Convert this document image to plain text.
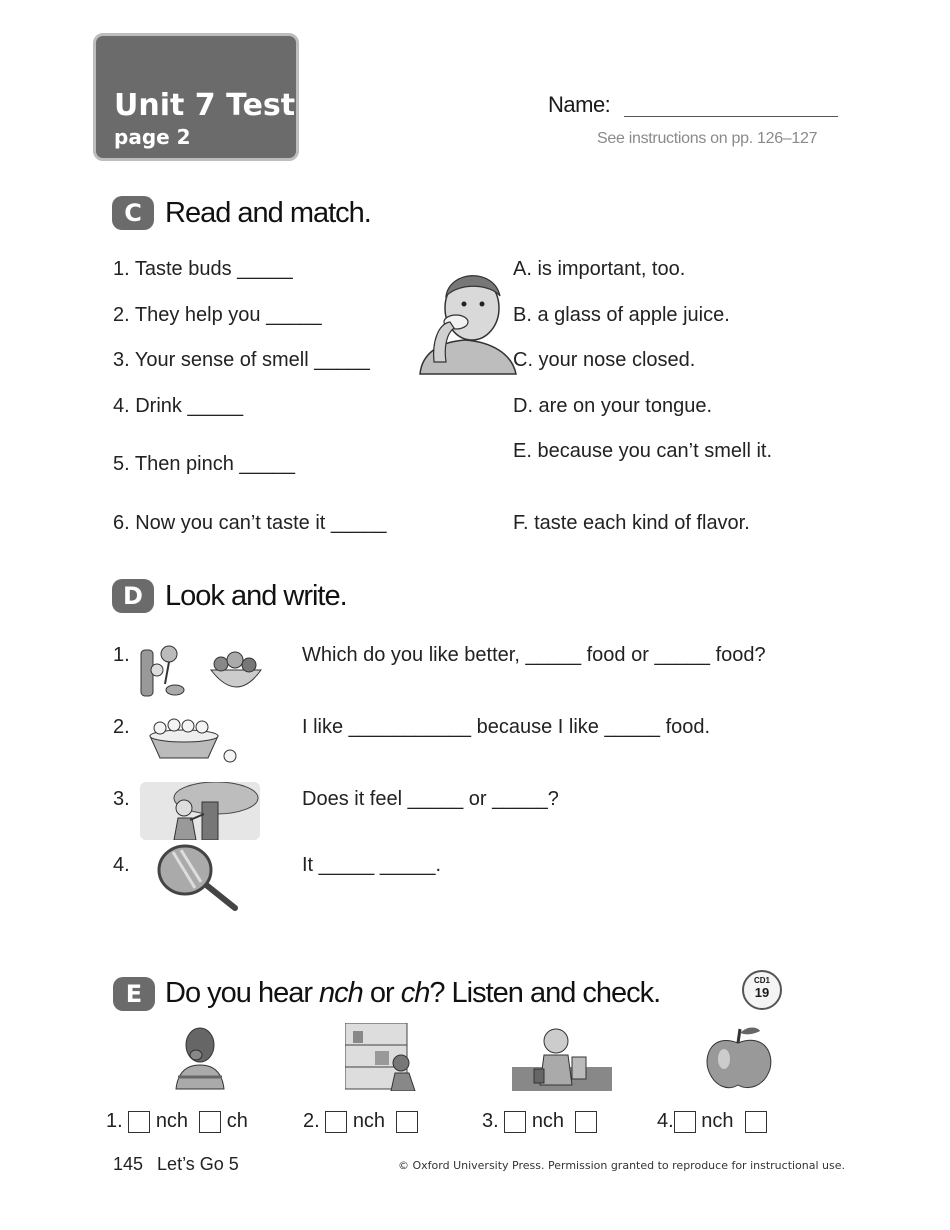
Unit 7 Test
page 2
Name:
See instructions on pp. 126–127
C Read and match.
1. Taste buds _____
2. They help you _____
3. Your sense of smell _____
4. Drink _____
5. Then pinch _____
6. Now you can’t taste it _____
A. is important, too.
B. a glass of apple juice.
C. your nose closed.
D. are on your tongue.
E. because you can’t smell it.
F. taste each kind of flavor.
D Look and write.
1.	Which do you like better, _____ food or _____ food?
2.	I like ___________ because I like _____ food.
3.	Does it feel _____ or _____?
4.	It _____ _____.
E Do you hear nch or ch? Listen and check.	CD1
19
1. nch ch	2. nch	3. nch	4. nch
145 Let’s Go 5	© Oxford University Press. Permission granted to reproduce for instructional use.
